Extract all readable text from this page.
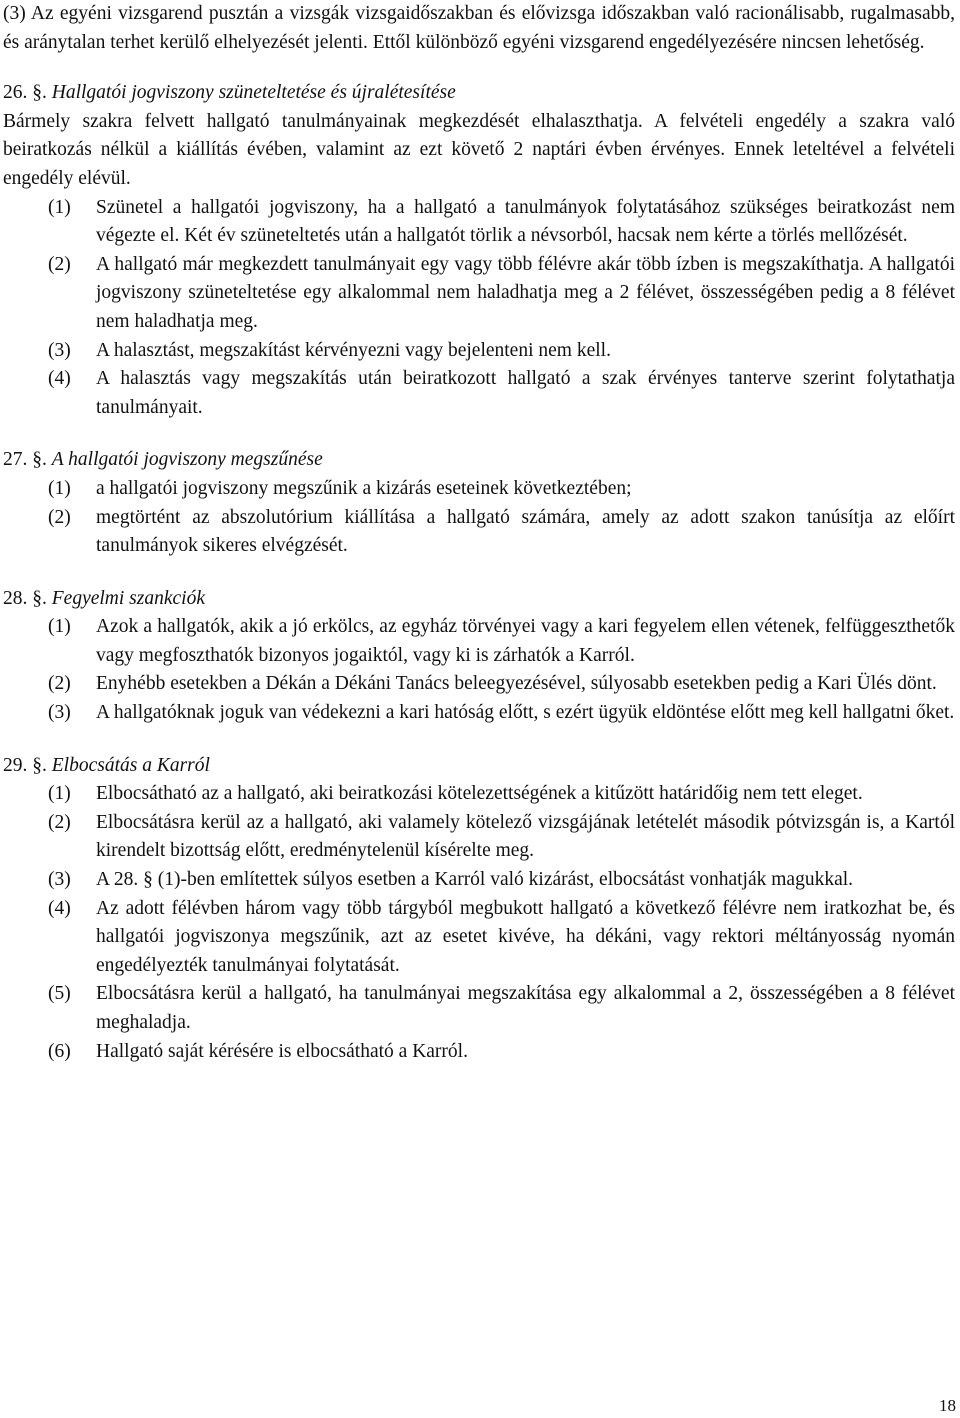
(3) Az egyéni vizsgarend pusztán a vizsgák vizsgaidőszakban és elővizsga időszakban való racionálisabb, rugalmasabb, és aránytalan terhet kerülő elhelyezését jelenti. Ettől különböző egyéni vizsgarend engedélyezésére nincsen lehetőség.

26. §. Hallgatói jogviszony szüneteltetése és újralétesítése

Bármely szakra felvett hallgató tanulmányainak megkezdését elhalaszthatja. A felvételi engedély a szakra való beiratkozás nélkül a kiállítás évében, valamint az ezt követő 2 naptári évben érvényes. Ennek leteltével a felvételi engedély elévül.

(1) Szünetel a hallgatói jogviszony, ha a hallgató a tanulmányok folytatásához szükséges beiratkozást nem végezte el. Két év szüneteltetés után a hallgatót törlik a névsorból, hacsak nem kérte a törlés mellőzését.
(2) A hallgató már megkezdett tanulmányait egy vagy több félévre akár több ízben is megszakíthatja. A hallgatói jogviszony szüneteltetése egy alkalommal nem haladhatja meg a 2 félévet, összességében pedig a 8 félévet nem haladhatja meg.
(3) A halasztást, megszakítást kérvényezni vagy bejelenteni nem kell.
(4) A halasztás vagy megszakítás után beiratkozott hallgató a szak érvényes tanterve szerint folytathatja tanulmányait.

27. §. A hallgatói jogviszony megszűnése

(1) a hallgatói jogviszony megszűnik a kizárás eseteinek következtében;
(2) megtörtént az abszolutórium kiállítása a hallgató számára, amely az adott szakon tanúsítja az előírt tanulmányok sikeres elvégzését.

28. §. Fegyelmi szankciók

(1) Azok a hallgatók, akik a jó erkölcs, az egyház törvényei vagy a kari fegyelem ellen vétenek, felfüggeszthetők vagy megfoszthatók bizonyos jogaiktól, vagy ki is zárhatók a Karról.
(2) Enyhébb esetekben a Dékán a Dékáni Tanács beleegyezésével, súlyosabb esetekben pedig a Kari Ülés dönt.
(3) A hallgatóknak joguk van védekezni a kari hatóság előtt, s ezért ügyük eldöntése előtt meg kell hallgatni őket.

29. §. Elbocsátás a Karról

(1) Elbocsátható az a hallgató, aki beiratkozási kötelezettségének a kitűzött határidőig nem tett eleget.
(2) Elbocsátásra kerül az a hallgató, aki valamely kötelező vizsgájának letételét második pótvizsgán is, a Kartól kirendelt bizottság előtt, eredménytelenül kísérelte meg.
(3) A 28. § (1)-ben említettek súlyos esetben a Karról való kizárást, elbocsátást vonhatják magukkal.
(4) Az adott félévben három vagy több tárgyból megbukott hallgató a következő félévre nem iratkozhat be, és hallgatói jogviszonya megszűnik, azt az esetet kivéve, ha dékáni, vagy rektori méltányosság nyomán engedélyezték tanulmányai folytatását.
(5) Elbocsátásra kerül a hallgató, ha tanulmányai megszakítása egy alkalommal a 2, összességében a 8 félévet meghaladja.
(6) Hallgató saját kérésére is elbocsátható a Karról.
18
